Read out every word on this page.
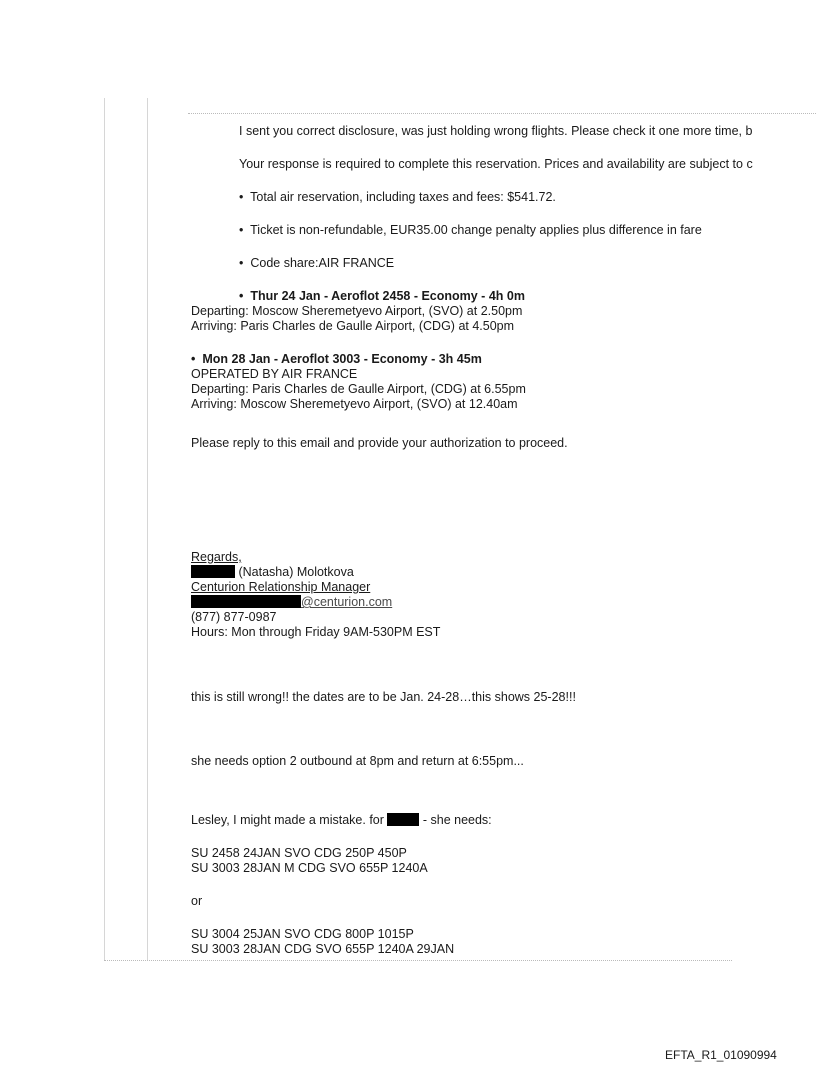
I sent you correct disclosure, was just holding wrong flights. Please check it one more time, b
Your response is required to complete this reservation. Prices and availability are subject to c
• Total air reservation, including taxes and fees: $541.72.
• Ticket is non-refundable, EUR35.00 change penalty applies plus difference in fare
• Code share:AIR FRANCE
• Thur 24 Jan - Aeroflot 2458 - Economy - 4h 0m
Departing: Moscow Sheremetyevo Airport, (SVO) at 2.50pm
Arriving: Paris Charles de Gaulle Airport, (CDG) at 4.50pm
• Mon 28 Jan - Aeroflot 3003 - Economy - 3h 45m
OPERATED BY AIR FRANCE
Departing: Paris Charles de Gaulle Airport, (CDG) at 6.55pm
Arriving: Moscow Sheremetyevo Airport, (SVO) at 12.40am
Please reply to this email and provide your authorization to proceed.
Regards,
(Natasha) Molotkova
Centurion Relationship Manager
@centurion.com
(877) 877-0987
Hours: Mon through Friday 9AM-530PM EST
this is still wrong!! the dates are to be Jan. 24-28…this shows 25-28!!!
she needs option 2 outbound at 8pm and return at 6:55pm...
Lesley, I might made a mistake. for	- she needs:
SU 2458 24JAN SVO CDG 250P 450P
SU 3003 28JAN M CDG SVO 655P 1240A
or
SU 3004 25JAN SVO CDG 800P 1015P
SU 3003 28JAN CDG SVO 655P 1240A 29JAN
EFTA_R1_01090994
